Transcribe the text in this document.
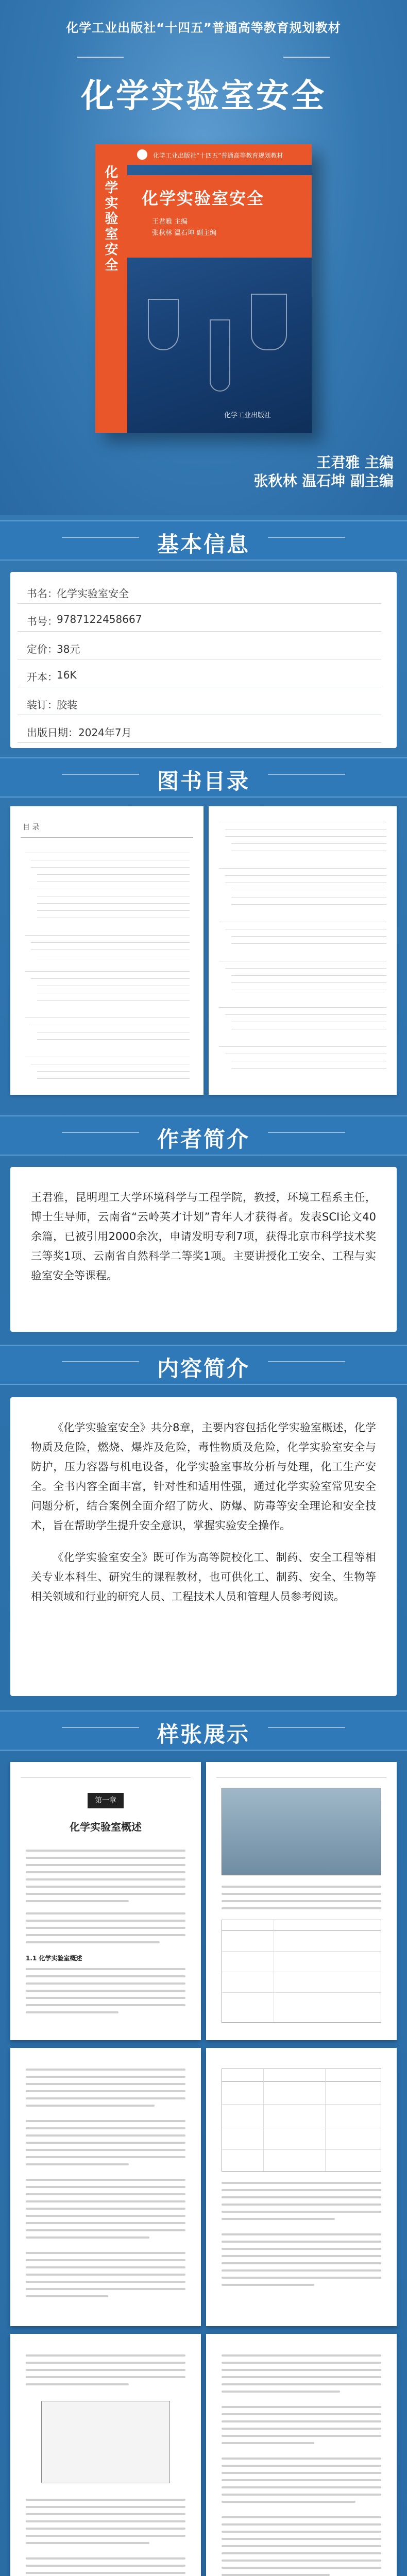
化学工业出版社“十四五”普通高等教育规划教材
化学实验室安全
化学实验室安全
化学工业出版社“十四五”普通高等教育规划教材
化学实验室安全
王君雅 主编
张秋林 温石坤 副主编
化学工业出版社
王君雅 主编
张秋林 温石坤 副主编
基本信息
书名：
化学实验室安全
书号：
9787122458667
定价：
38元
开本：
16K
装订：
胶装
出版日期： 2024年7月
图书目录
目 录
作者简介
王君雅，昆明理工大学环境科学与工程学院，教授，环境工程系主任，博士生导师，云南省“云岭英才计划”青年人才获得者。发表SCI论文40余篇，已被引用2000余次，申请发明专利7项，获得北京市科学技术奖三等奖1项、云南省自然科学二等奖1项。主要讲授化工安全、工程与实验室安全等课程。
内容简介

《化学实验室安全》共分8章，主要内容包括化学实验室概述，化学物质及危险，燃烧、爆炸及危险，毒性物质及危险，化学实验室安全与防护，压力容器与机电设备，化学实验室事故分析与处理，化工生产安全。全书内容全面丰富，针对性和适用性强，通过化学实验室常见安全问题分析，结合案例全面介绍了防火、防爆、防毒等安全理论和安全技术，旨在帮助学生提升安全意识，掌握实验安全操作。

《化学实验室安全》既可作为高等院校化工、制药、安全工程等相关专业本科生、研究生的课程教材，也可供化工、制药、安全、生物等相关领域和行业的研究人员、工程技术人员和管理人员参考阅读。

样张展示
第一章
化学实验室概述
1.1 化学实验室概述
